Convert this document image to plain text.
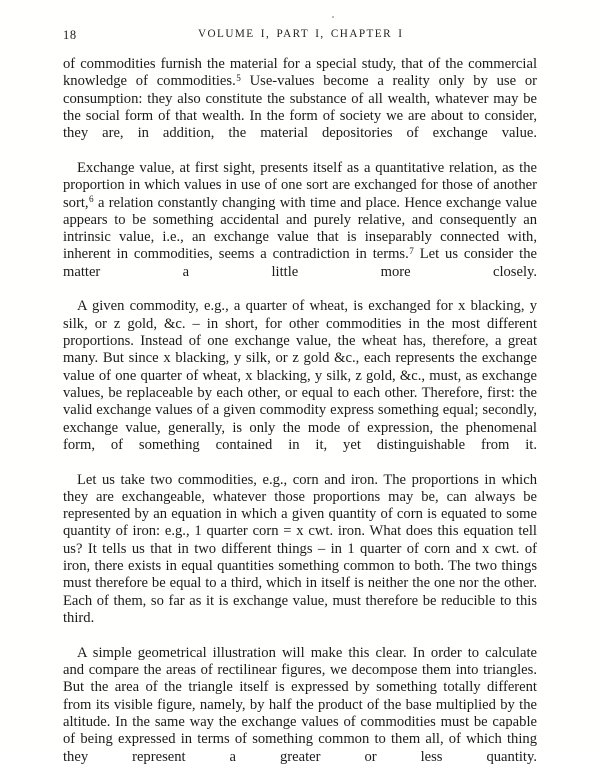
18	VOLUME I, PART I, CHAPTER I

of commodities furnish the material for a special study, that of the commercial knowledge of commodities.$^5$ Use-values become a reality only by use or consumption: they also constitute the substance of all wealth, whatever may be the social form of that wealth. In the form of society we are about to consider, they are, in addition, the material depositories of exchange value.

Exchange value, at first sight, presents itself as a quantitative relation, as the proportion in which values in use of one sort are exchanged for those of another sort,$^6$ a relation constantly changing with time and place. Hence exchange value appears to be something accidental and purely relative, and consequently an intrinsic value, i.e., an exchange value that is inseparably connected with, inherent in commodities, seems a contradiction in terms.$^7$ Let us consider the matter a little more closely.

A given commodity, e.g., a quarter of wheat, is exchanged for x blacking, y silk, or z gold, &c. – in short, for other commodities in the most different proportions. Instead of one exchange value, the wheat has, therefore, a great many. But since x blacking, y silk, or z gold &c., each represents the exchange value of one quarter of wheat, x blacking, y silk, z gold, &c., must, as exchange values, be replaceable by each other, or equal to each other. Therefore, first: the valid exchange values of a given commodity express something equal; secondly, exchange value, generally, is only the mode of expression, the phenomenal form, of something contained in it, yet distinguishable from it.

Let us take two commodities, e.g., corn and iron. The proportions in which they are exchangeable, whatever those proportions may be, can always be represented by an equation in which a given quantity of corn is equated to some quantity of iron: e.g., 1 quarter corn = x cwt. iron. What does this equation tell us? It tells us that in two different things – in 1 quarter of corn and x cwt. of iron, there exists in equal quantities something common to both. The two things must therefore be equal to a third, which in itself is neither the one nor the other. Each of them, so far as it is exchange value, must therefore be reducible to this third.

A simple geometrical illustration will make this clear. In order to calculate and compare the areas of rectilinear figures, we decompose them into triangles. But the area of the triangle itself is expressed by something totally different from its visible figure, namely, by half the product of the base multiplied by the altitude. In the same way the exchange values of commodities must be capable of being expressed in terms of something common to them all, of which thing they represent a greater or less quantity.
